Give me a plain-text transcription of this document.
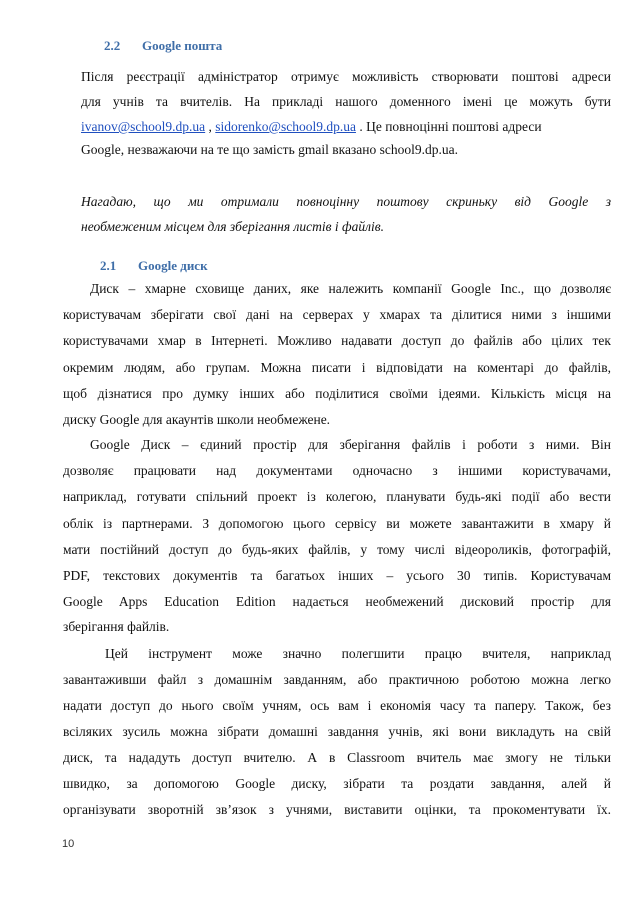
2.2 Google пошта
Після реєстрації адміністратор отримує можливість створювати поштові адреси
для учнів та вчителів. На прикладі нашого доменного імені це можуть бути
ivanov@school9.dp.ua , sidorenko@school9.dp.ua . Це повноцінні поштові адреси
Google, незважаючи на те що замість gmail вказано school9.dp.ua.
Нагадаю, що ми отримали повноцінну поштову скриньку від Google з
необмеженим місцем для зберігання листів і файлів.
2.1 Google диск
Диск – хмарне сховище даних, яке належить компанії Google Inc., що дозволяє
користувачам зберігати свої дані на серверах у хмарах та ділитися ними з іншими
користувачами хмар в Інтернеті. Можливо надавати доступ до файлів або цілих тек
окремим людям, або групам. Можна писати і відповідати на коментарі до файлів,
щоб дізнатися про думку інших або поділитися своїми ідеями. Кількість місця на
диску Google для акаунтів школи необмежене.
Google Диск – єдиний простір для зберігання файлів і роботи з ними. Він
дозволяє працювати над документами одночасно з іншими користувачами,
наприклад, готувати спільний проект із колегою, планувати будь-які події або вести
облік із партнерами. З допомогою цього сервісу ви можете завантажити в хмару й
мати постійний доступ до будь-яких файлів, у тому числі відеороликів, фотографій,
PDF, текстових документів та багатьох інших – усього 30 типів. Користувачам
Google Apps Education Edition надається необмежений дисковий простір для
зберігання файлів.
Цей інструмент може значно полегшити працю вчителя, наприклад
завантаживши файл з домашнім завданням, або практичною роботою можна легко
надати доступ до нього своїм учням, ось вам і економія часу та паперу. Також, без
всіляких зусиль можна зібрати домашні завдання учнів, які вони викладуть на свій
диск, та нададуть доступ вчителю. А в Classroom вчитель має змогу не тільки
швидко, за допомогою Google диску, зібрати та роздати завдання, алей й
організувати зворотній зв’язок з учнями, виставити оцінки, та прокоментувати їх.
10
